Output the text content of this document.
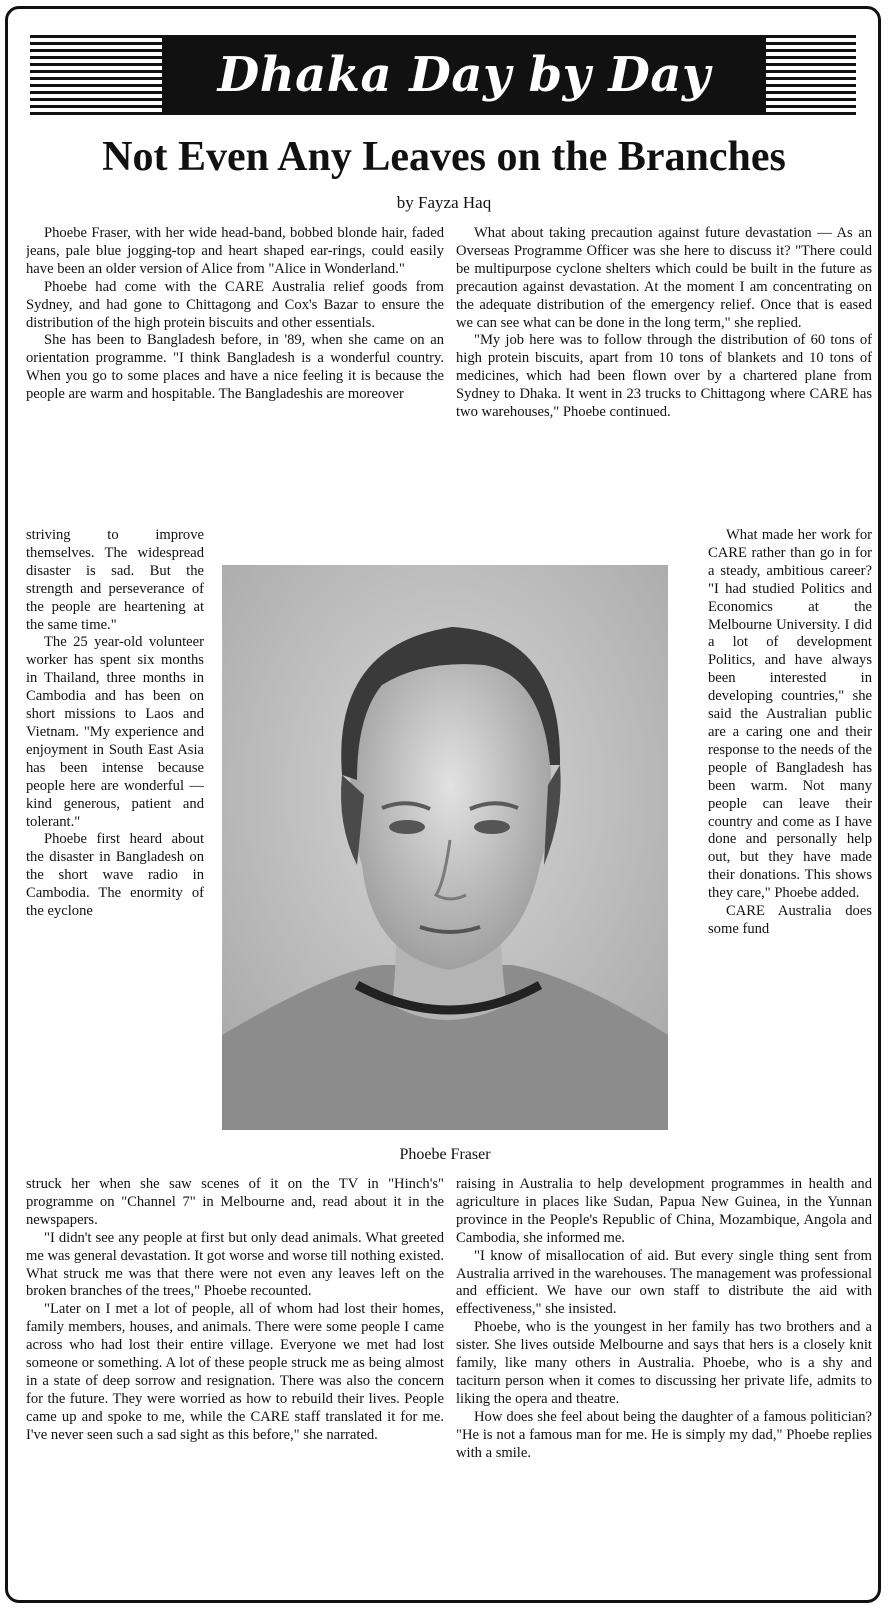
Dhaka Day by Day
Not Even Any Leaves on the Branches
by Fayza Haq

Phoebe Fraser, with her wide head-band, bobbed blonde hair, faded jeans, pale blue jogging-top and heart shaped ear-rings, could easily have been an older version of Alice from "Alice in Wonderland."

Phoebe had come with the CARE Australia relief goods from Sydney, and had gone to Chittagong and Cox's Bazar to ensure the distribution of the high protein biscuits and other essentials.

She has been to Bangladesh before, in '89, when she came on an orientation programme. "I think Bangladesh is a wonderful country. When you go to some places and have a nice feeling it is because the people are warm and hospitable. The Bangladeshis are moreover

What about taking precaution against future devastation — As an Overseas Programme Officer was she here to discuss it? "There could be multipurpose cyclone shelters which could be built in the future as precaution against devastation. At the moment I am concentrating on the adequate distribution of the emergency relief. Once that is eased we can see what can be done in the long term," she replied.

"My job here was to follow through the distribution of 60 tons of high protein biscuits, apart from 10 tons of blankets and 10 tons of medicines, which had been flown over by a chartered plane from Sydney to Dhaka. It went in 23 trucks to Chittagong where CARE has two warehouses," Phoebe continued.

striving to improve themselves. The widespread disaster is sad. But the strength and perseverance of the people are heartening at the same time."

The 25 year-old volunteer worker has spent six months in Thailand, three months in Cambodia and has been on short missions to Laos and Vietnam. "My experience and enjoyment in South East Asia has been intense because people here are wonderful — kind generous, patient and tolerant."

Phoebe first heard about the disaster in Bangladesh on the short wave radio in Cambodia. The enormity of the eyclone

Phoebe Fraser

What made her work for CARE rather than go in for a steady, ambitious career? "I had studied Politics and Economics at the Melbourne University. I did a lot of development Politics, and have always been interested in developing countries," she said the Australian public are a caring one and their response to the needs of the people of Bangladesh has been warm. Not many people can leave their country and come as I have done and personally help out, but they have made their donations. This shows they care," Phoebe added.

CARE Australia does some fund

struck her when she saw scenes of it on the TV in "Hinch's" programme on "Channel 7" in Melbourne and, read about it in the newspapers.

"I didn't see any people at first but only dead animals. What greeted me was general devastation. It got worse and worse till nothing existed. What struck me was that there were not even any leaves left on the broken branches of the trees," Phoebe recounted.

"Later on I met a lot of people, all of whom had lost their homes, family members, houses, and animals. There were some people I came across who had lost their entire village. Everyone we met had lost someone or something. A lot of these people struck me as being almost in a state of deep sorrow and resignation. There was also the concern for the future. They were worried as how to rebuild their lives. People came up and spoke to me, while the CARE staff translated it for me. I've never seen such a sad sight as this before," she narrated.

raising in Australia to help development programmes in health and agriculture in places like Sudan, Papua New Guinea, in the Yunnan province in the People's Republic of China, Mozambique, Angola and Cambodia, she informed me.

"I know of misallocation of aid. But every single thing sent from Australia arrived in the warehouses. The management was professional and efficient. We have our own staff to distribute the aid with effectiveness," she insisted.

Phoebe, who is the youngest in her family has two brothers and a sister. She lives outside Melbourne and says that hers is a closely knit family, like many others in Australia. Phoebe, who is a shy and taciturn person when it comes to discussing her private life, admits to liking the opera and theatre.

How does she feel about being the daughter of a famous politician? "He is not a famous man for me. He is simply my dad," Phoebe replies with a smile.
